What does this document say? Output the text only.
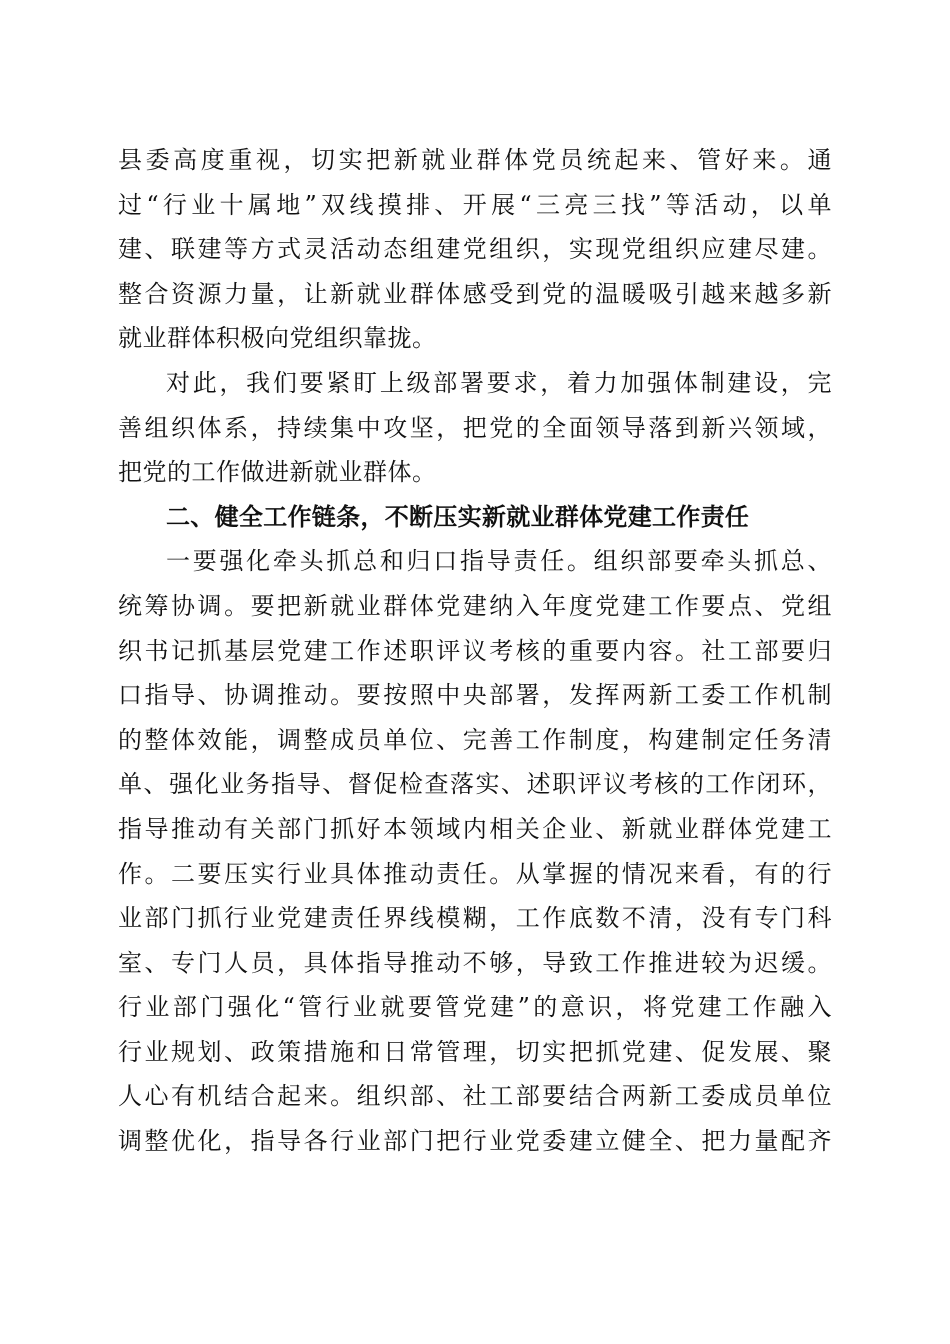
县委高度重视，切实把新就业群体党员统起来、管好来。通
过“行业十属地”双线摸排、开展“三亮三找”等活动，以单
建、联建等方式灵活动态组建党组织，实现党组织应建尽建。
整合资源力量，让新就业群体感受到党的温暖吸引越来越多新
就业群体积极向党组织靠拢。
对此，我们要紧盯上级部署要求，着力加强体制建设，完
善组织体系，持续集中攻坚，把党的全面领导落到新兴领域，
把党的工作做进新就业群体。
二、健全工作链条，不断压实新就业群体党建工作责任
一要强化牵头抓总和归口指导责任。组织部要牵头抓总、
统筹协调。要把新就业群体党建纳入年度党建工作要点、党组
织书记抓基层党建工作述职评议考核的重要内容。社工部要归
口指导、协调推动。要按照中央部署，发挥两新工委工作机制
的整体效能，调整成员单位、完善工作制度，构建制定任务清
单、强化业务指导、督促检查落实、述职评议考核的工作闭环，
指导推动有关部门抓好本领域内相关企业、新就业群体党建工
作。二要压实行业具体推动责任。从掌握的情况来看，有的行
业部门抓行业党建责任界线模糊，工作底数不清，没有专门科
室、专门人员，具体指导推动不够，导致工作推进较为迟缓。
行业部门强化“管行业就要管党建”的意识，将党建工作融入
行业规划、政策措施和日常管理，切实把抓党建、促发展、聚
人心有机结合起来。组织部、社工部要结合两新工委成员单位
调整优化，指导各行业部门把行业党委建立健全、把力量配齐
